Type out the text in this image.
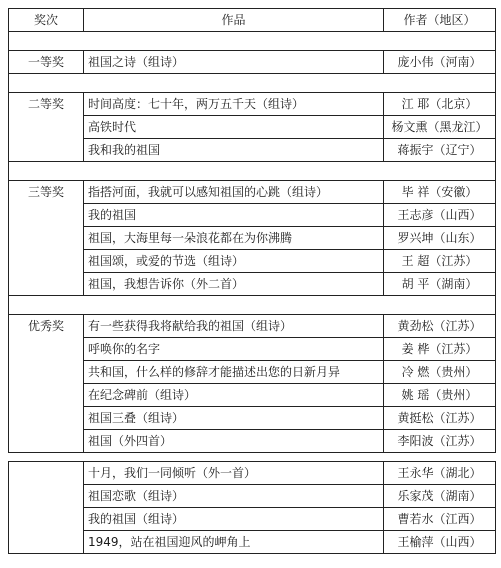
奖次	作品	作者（地区）

一等奖	祖国之诗（组诗）	庞小伟（河南）

二等奖	时间高度：七十年，两万五千天（组诗）	江 耶（北京）
	高铁时代	杨文熏（黑龙江）
	我和我的祖国	蒋振宇（辽宁）

三等奖	指搭河面，我就可以感知祖国的心跳（组诗）	毕 祥（安徽）
	我的祖国	王志彦（山西）
	祖国，大海里每一朵浪花都在为你沸腾	罗兴坤（山东）
	祖国颂，或爱的节选（组诗）	王 超（江苏）
	祖国，我想告诉你（外二首）	胡 平（湖南）

优秀奖	有一些获得我将献给我的祖国（组诗）	黄劲松（江苏）
	呼唤你的名字	姜 桦（江苏）
	共和国，什么样的修辞才能描述出您的日新月异	冷 燃（贵州）
	在纪念碑前（组诗）	姚 瑶（贵州）
	祖国三叠（组诗）	黄挺松（江苏）
	祖国（外四首）	李阳波（江苏）
	十月，我们一同倾听（外一首）	王永华（湖北）
	祖国恋歌（组诗）	乐家茂（湖南）
	我的祖国（组诗）	曹若水（江西）
	1949，站在祖国迎风的岬角上	王榆萍（山西）
